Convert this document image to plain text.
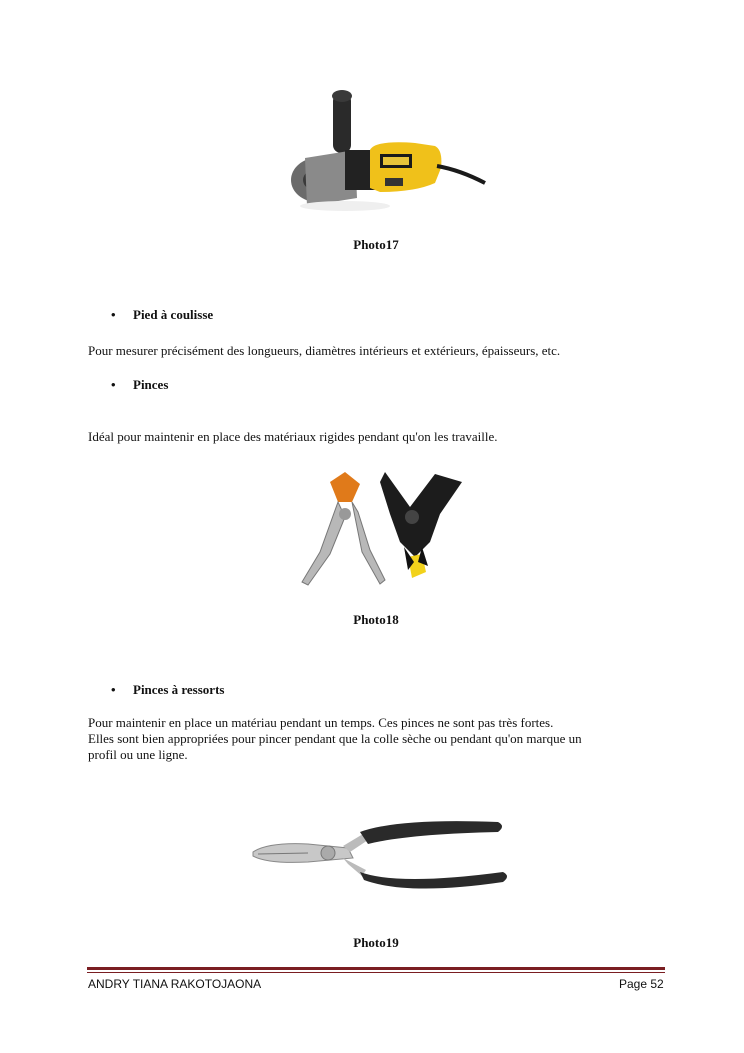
Photo17
• Pied à coulisse
Pour mesurer précisément des longueurs, diamètres intérieurs et extérieurs, épaisseurs, etc.
• Pinces
Idéal pour maintenir en place des matériaux rigides pendant qu'on les travaille.
Photo18
• Pinces à ressorts
Pour maintenir en place un matériau pendant un temps. Ces pinces ne sont pas très fortes.
Elles sont bien appropriées pour pincer pendant que la colle sèche ou pendant qu'on marque un
profil ou une ligne.
Photo19
ANDRY TIANA RAKOTOJAONA	Page 52
